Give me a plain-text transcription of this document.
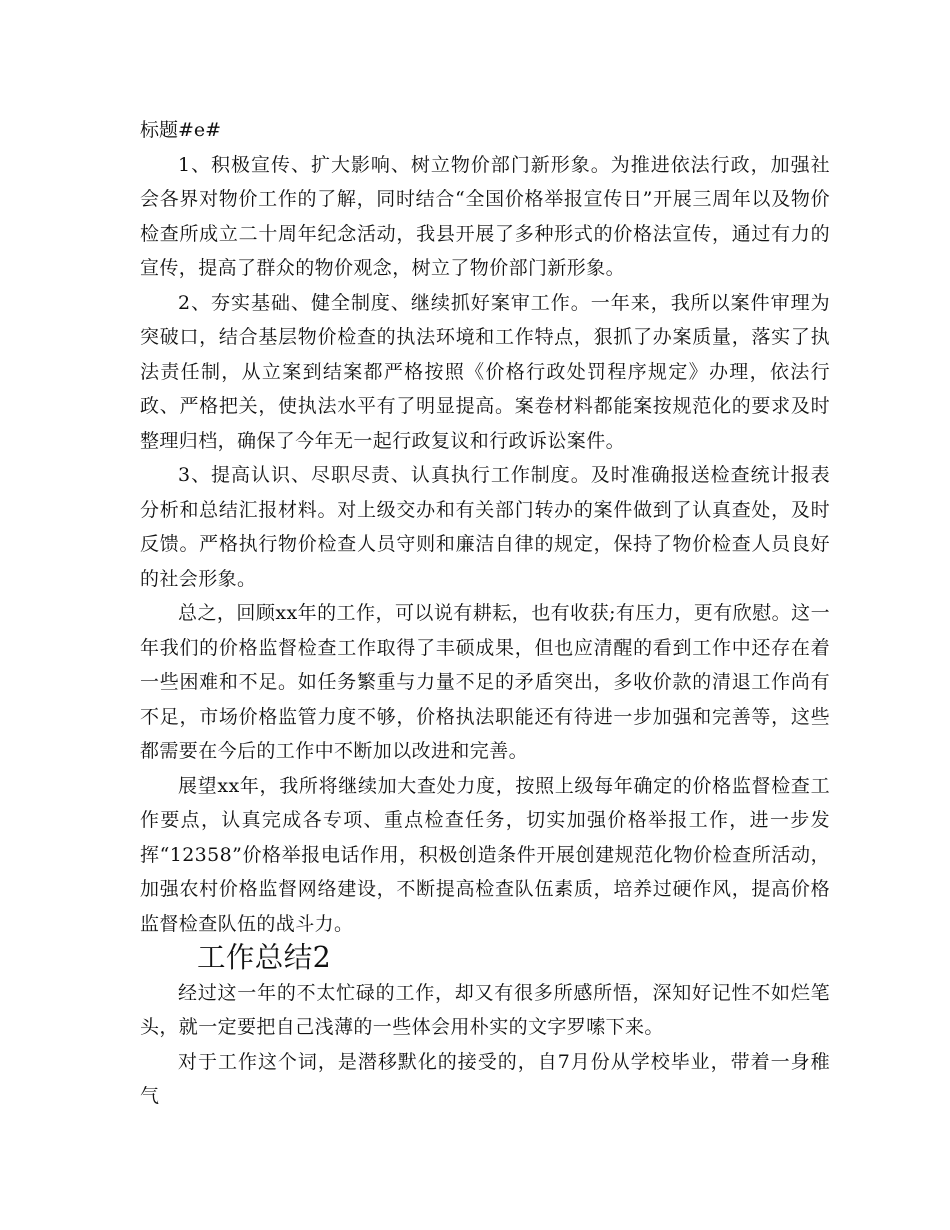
标题#e#

1、积极宣传、扩大影响、树立物价部门新形象。为推进依法行政，加强社会各界对物价工作的了解，同时结合“全国价格举报宣传日”开展三周年以及物价检查所成立二十周年纪念活动，我县开展了多种形式的价格法宣传，通过有力的宣传，提高了群众的物价观念，树立了物价部门新形象。

2、夯实基础、健全制度、继续抓好案审工作。一年来，我所以案件审理为突破口，结合基层物价检查的执法环境和工作特点，狠抓了办案质量，落实了执法责任制，从立案到结案都严格按照《价格行政处罚程序规定》办理，依法行政、严格把关，使执法水平有了明显提高。案卷材料都能案按规范化的要求及时整理归档，确保了今年无一起行政复议和行政诉讼案件。

3、提高认识、尽职尽责、认真执行工作制度。及时准确报送检查统计报表分析和总结汇报材料。对上级交办和有关部门转办的案件做到了认真查处，及时反馈。严格执行物价检查人员守则和廉洁自律的规定，保持了物价检查人员良好的社会形象。

总之，回顾xx年的工作，可以说有耕耘，也有收获;有压力，更有欣慰。这一年我们的价格监督检查工作取得了丰硕成果，但也应清醒的看到工作中还存在着一些困难和不足。如任务繁重与力量不足的矛盾突出，多收价款的清退工作尚有不足，市场价格监管力度不够，价格执法职能还有待进一步加强和完善等，这些都需要在今后的工作中不断加以改进和完善。

展望xx年，我所将继续加大查处力度，按照上级每年确定的价格监督检查工作要点，认真完成各专项、重点检查任务，切实加强价格举报工作，进一步发挥“12358”价格举报电话作用，积极创造条件开展创建规范化物价检查所活动，加强农村价格监督网络建设，不断提高检查队伍素质，培养过硬作风，提高价格监督检查队伍的战斗力。

工作总结2

经过这一年的不太忙碌的工作，却又有很多所感所悟，深知好记性不如烂笔头，就一定要把自己浅薄的一些体会用朴实的文字罗嗦下来。

对于工作这个词，是潜移默化的接受的，自7月份从学校毕业，带着一身稚气
